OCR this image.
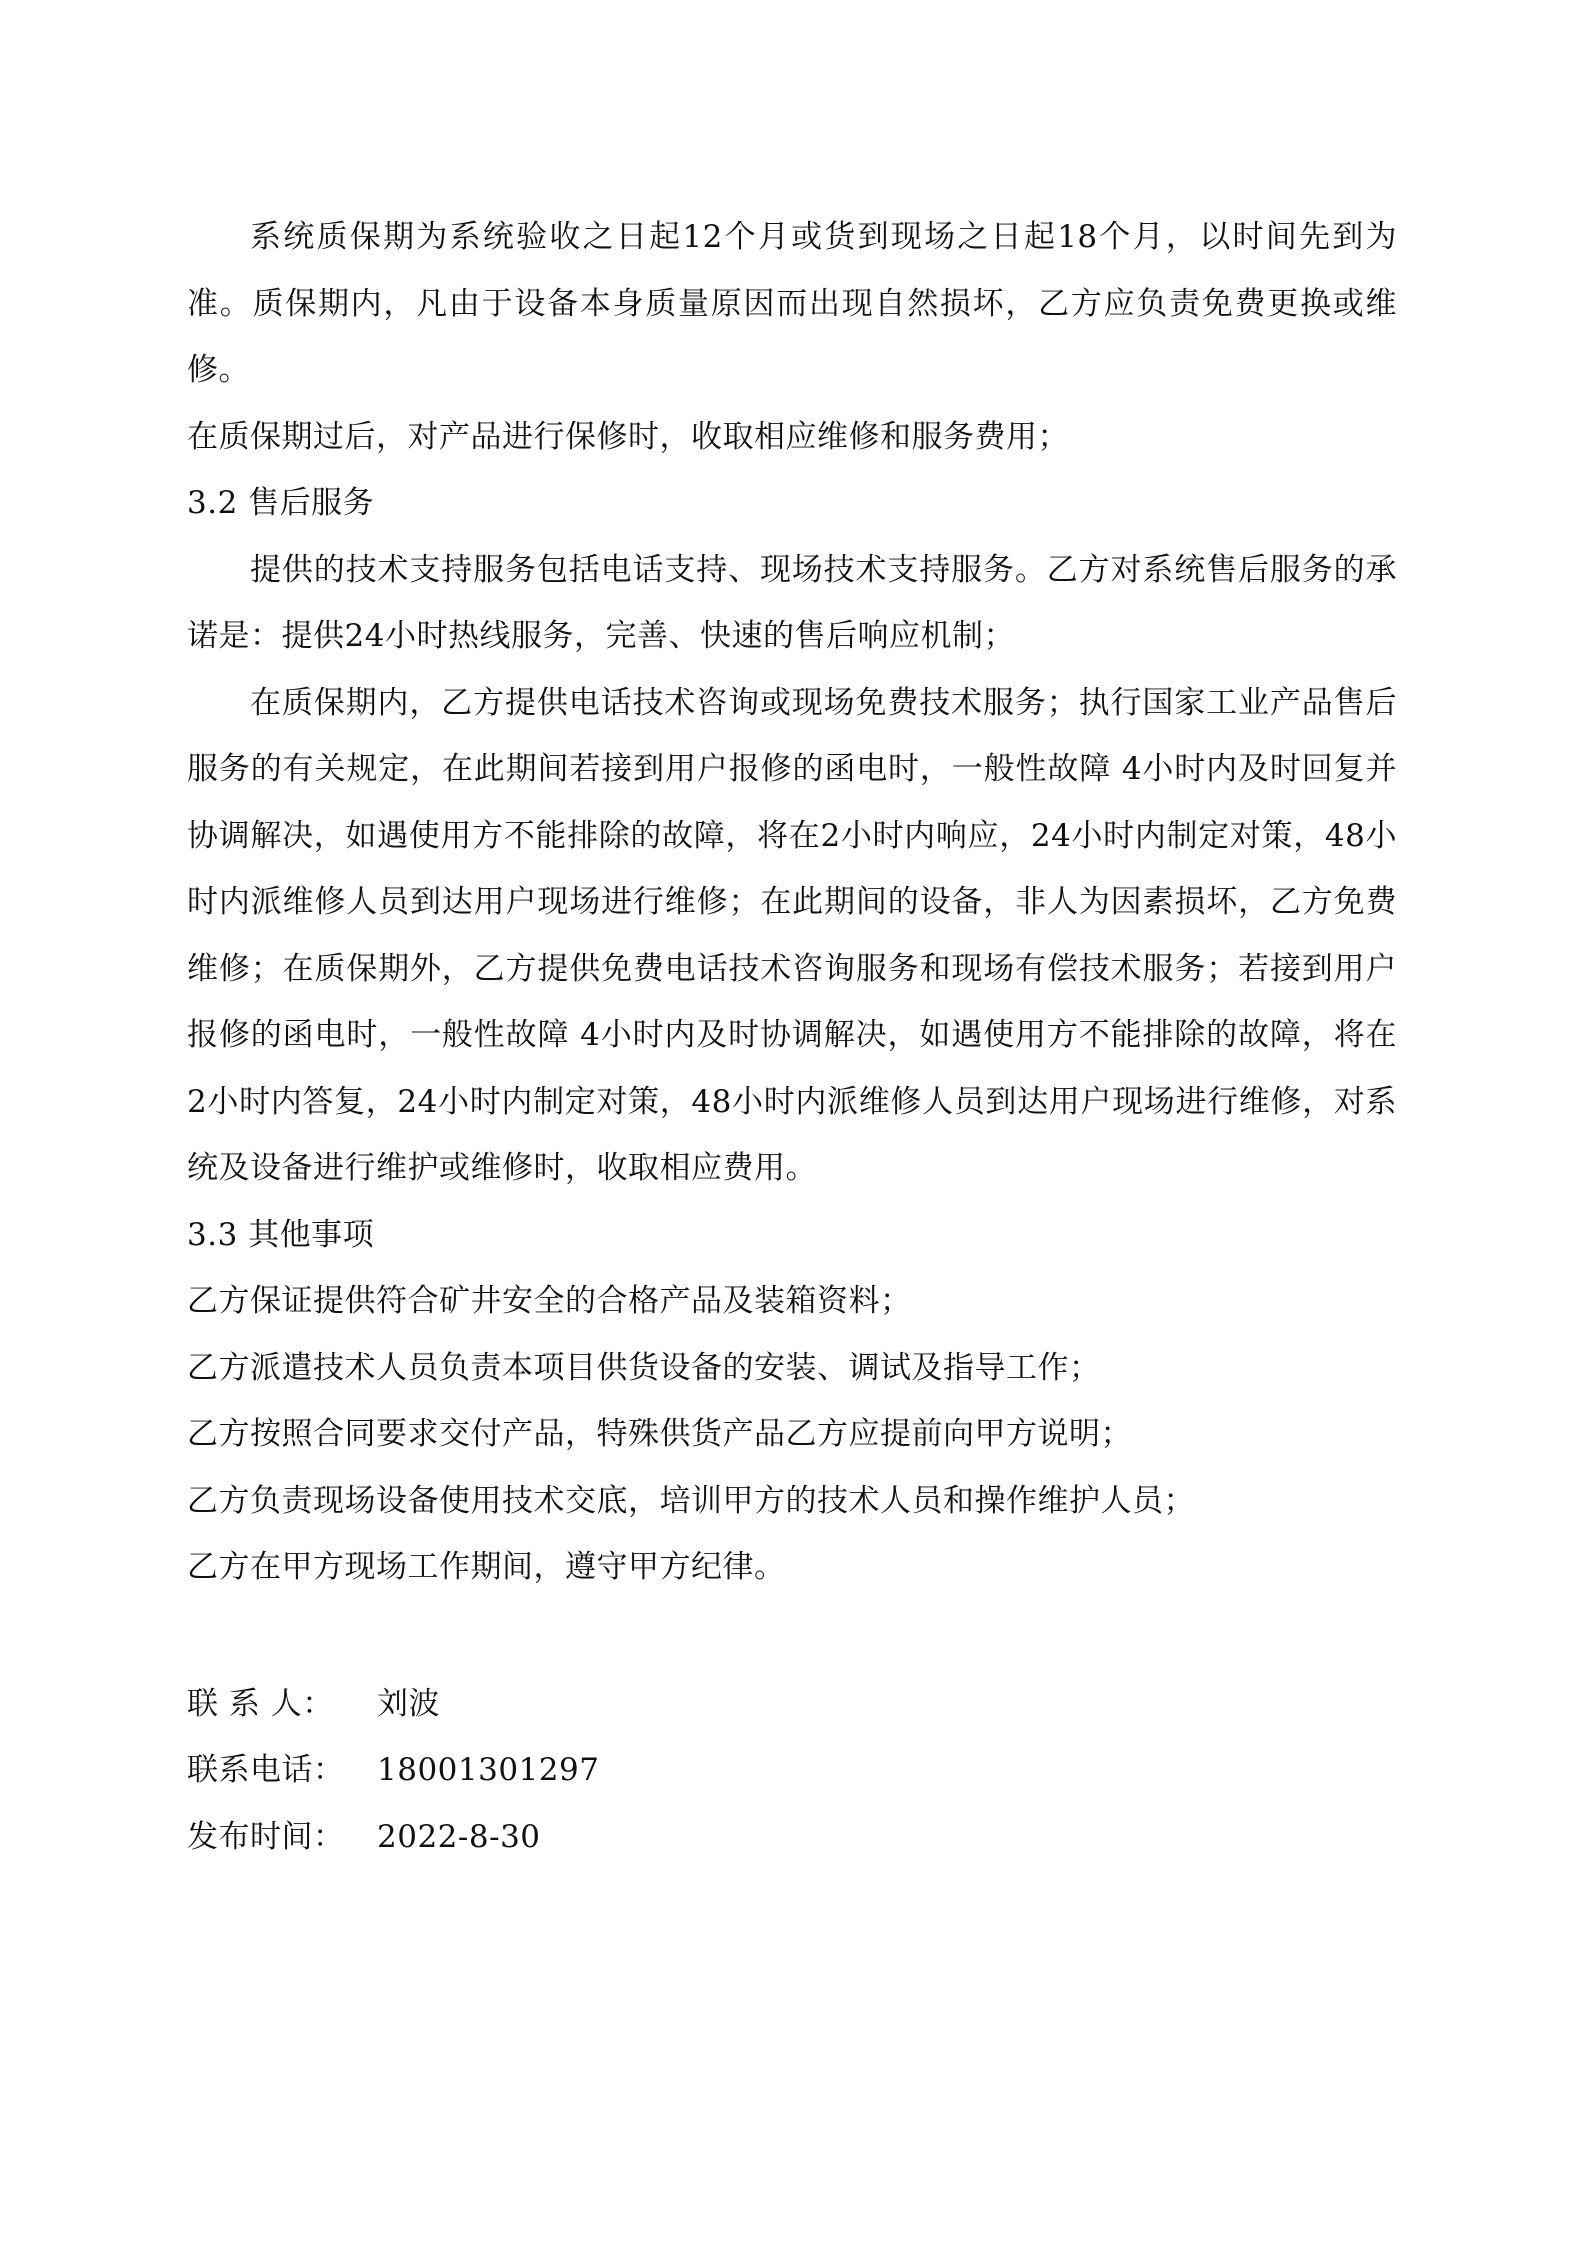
系统质保期为系统验收之日起12个月或货到现场之日起18个月，以时间先到为准。质保期内，凡由于设备本身质量原因而出现自然损坏，乙方应负责免费更换或维修。

在质保期过后，对产品进行保修时，收取相应维修和服务费用；

3.2 售后服务

提供的技术支持服务包括电话支持、现场技术支持服务。乙方对系统售后服务的承诺是：提供24小时热线服务，完善、快速的售后响应机制；

在质保期内，乙方提供电话技术咨询或现场免费技术服务；执行国家工业产品售后服务的有关规定，在此期间若接到用户报修的函电时，一般性故障 4小时内及时回复并协调解决，如遇使用方不能排除的故障，将在2小时内响应，24小时内制定对策，48小时内派维修人员到达用户现场进行维修；在此期间的设备，非人为因素损坏，乙方免费维修；在质保期外，乙方提供免费电话技术咨询服务和现场有偿技术服务；若接到用户报修的函电时，一般性故障 4小时内及时协调解决，如遇使用方不能排除的故障，将在2小时内答复，24小时内制定对策，48小时内派维修人员到达用户现场进行维修，对系统及设备进行维护或维修时，收取相应费用。

3.3 其他事项

乙方保证提供符合矿井安全的合格产品及装箱资料；

乙方派遣技术人员负责本项目供货设备的安装、调试及指导工作；

乙方按照合同要求交付产品，特殊供货产品乙方应提前向甲方说明；

乙方负责现场设备使用技术交底，培训甲方的技术人员和操作维护人员；

乙方在甲方现场工作期间，遵守甲方纪律。

联 系 人：	刘波
联系电话：	18001301297
发布时间：	2022-8-30
